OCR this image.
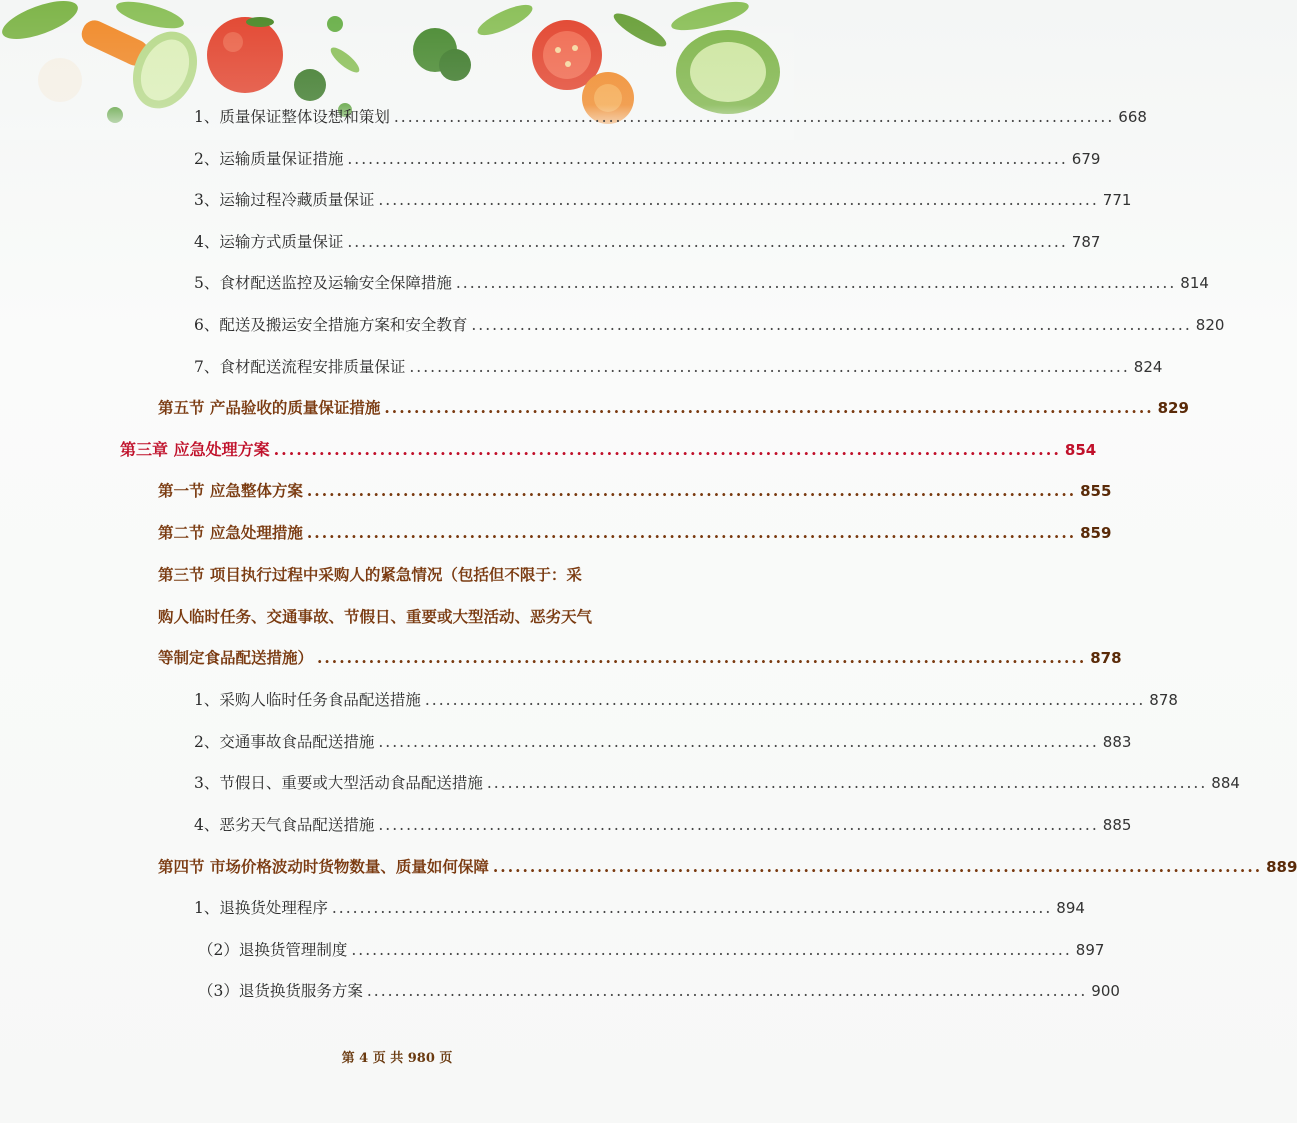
1、质量保证整体设想和策划 ........................................................................................................ 668
2、运输质量保证措施 ........................................................................................................ 679
3、运输过程冷藏质量保证 ........................................................................................................ 771
4、运输方式质量保证 ........................................................................................................ 787
5、食材配送监控及运输安全保障措施 ........................................................................................................ 814
6、配送及搬运安全措施方案和安全教育 ........................................................................................................ 820
7、食材配送流程安排质量保证 ........................................................................................................ 824
第五节 产品验收的质量保证措施 ........................................................................................................ 829
第三章 应急处理方案 ........................................................................................................ 854
第一节 应急整体方案 ........................................................................................................ 855
第二节 应急处理措施 ........................................................................................................ 859
第三节 项目执行过程中采购人的紧急情况（包括但不限于：采
购人临时任务、交通事故、节假日、重要或大型活动、恶劣天气
等制定食品配送措施） ........................................................................................................ 878
1、采购人临时任务食品配送措施 ........................................................................................................ 878
2、交通事故食品配送措施 ........................................................................................................ 883
3、节假日、重要或大型活动食品配送措施 ........................................................................................................ 884
4、恶劣天气食品配送措施 ........................................................................................................ 885
第四节 市场价格波动时货物数量、质量如何保障 ........................................................................................................ 889
1、退换货处理程序 ........................................................................................................ 894
（2）退换货管理制度 ........................................................................................................ 897
（3）退货换货服务方案 ........................................................................................................ 900
第 4 页 共 980 页
